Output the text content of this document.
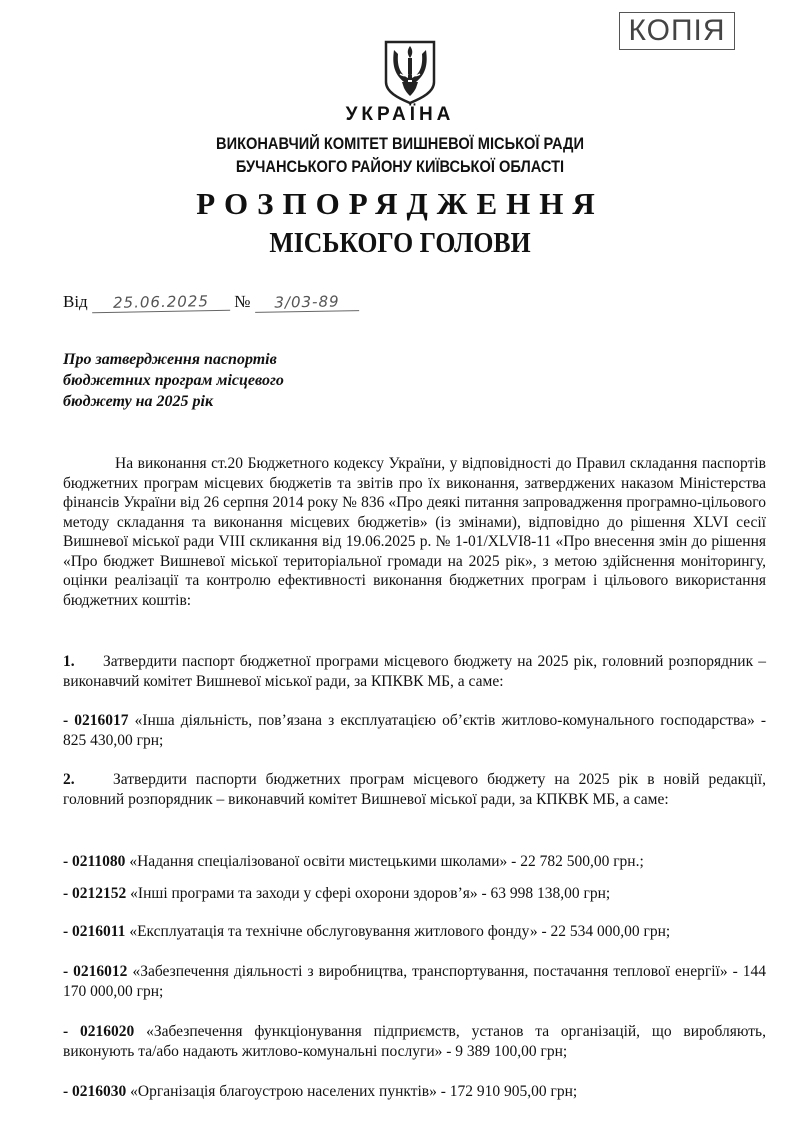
КОПІЯ
УКРАЇНА
ВИКОНАВЧИЙ КОМІТЕТ ВИШНЕВОЇ МІСЬКОЇ РАДИ
БУЧАНСЬКОГО РАЙОНУ КИЇВСЬКОЇ ОБЛАСТІ
РОЗПОРЯДЖЕННЯ
МІСЬКОГО ГОЛОВИ
Від 25.06.2025 № 3/03-89
Про затвердження паспортів бюджетних програм місцевого бюджету на 2025 рік
На виконання ст.20 Бюджетного кодексу України, у відповідності до Правил складання паспортів бюджетних програм місцевих бюджетів та звітів про їх виконання, затверджених наказом Міністерства фінансів України від 26 серпня 2014 року № 836 «Про деякі питання запровадження програмно-цільового методу складання та виконання місцевих бюджетів» (із змінами), відповідно до рішення XLVI сесії Вишневої міської ради VIII скликання від 19.06.2025 р. № 1-01/XLVI8-11 «Про внесення змін до рішення «Про бюджет Вишневої міської територіальної громади на 2025 рік», з метою здійснення моніторингу, оцінки реалізації та контролю ефективності виконання бюджетних програм і цільового використання бюджетних коштів:
1. Затвердити паспорт бюджетної програми місцевого бюджету на 2025 рік, головний розпорядник – виконавчий комітет Вишневої міської ради, за КПКВК МБ, а саме:
- 0216017 «Інша діяльність, пов’язана з експлуатацією об’єктів житлово-комунального господарства» - 825 430,00 грн;
2. Затвердити паспорти бюджетних програм місцевого бюджету на 2025 рік в новій редакції, головний розпорядник – виконавчий комітет Вишневої міської ради, за КПКВК МБ, а саме:
- 0211080 «Надання спеціалізованої освіти мистецькими школами» - 22 782 500,00 грн.;
- 0212152 «Інші програми та заходи у сфері охорони здоров’я» - 63 998 138,00 грн;
- 0216011 «Експлуатація та технічне обслуговування житлового фонду» - 22 534 000,00 грн;
- 0216012 «Забезпечення діяльності з виробництва, транспортування, постачання теплової енергії» - 144 170 000,00 грн;
- 0216020 «Забезпечення функціонування підприємств, установ та організацій, що виробляють, виконують та/або надають житлово-комунальні послуги» - 9 389 100,00 грн;
- 0216030 «Організація благоустрою населених пунктів» - 172 910 905,00 грн;
